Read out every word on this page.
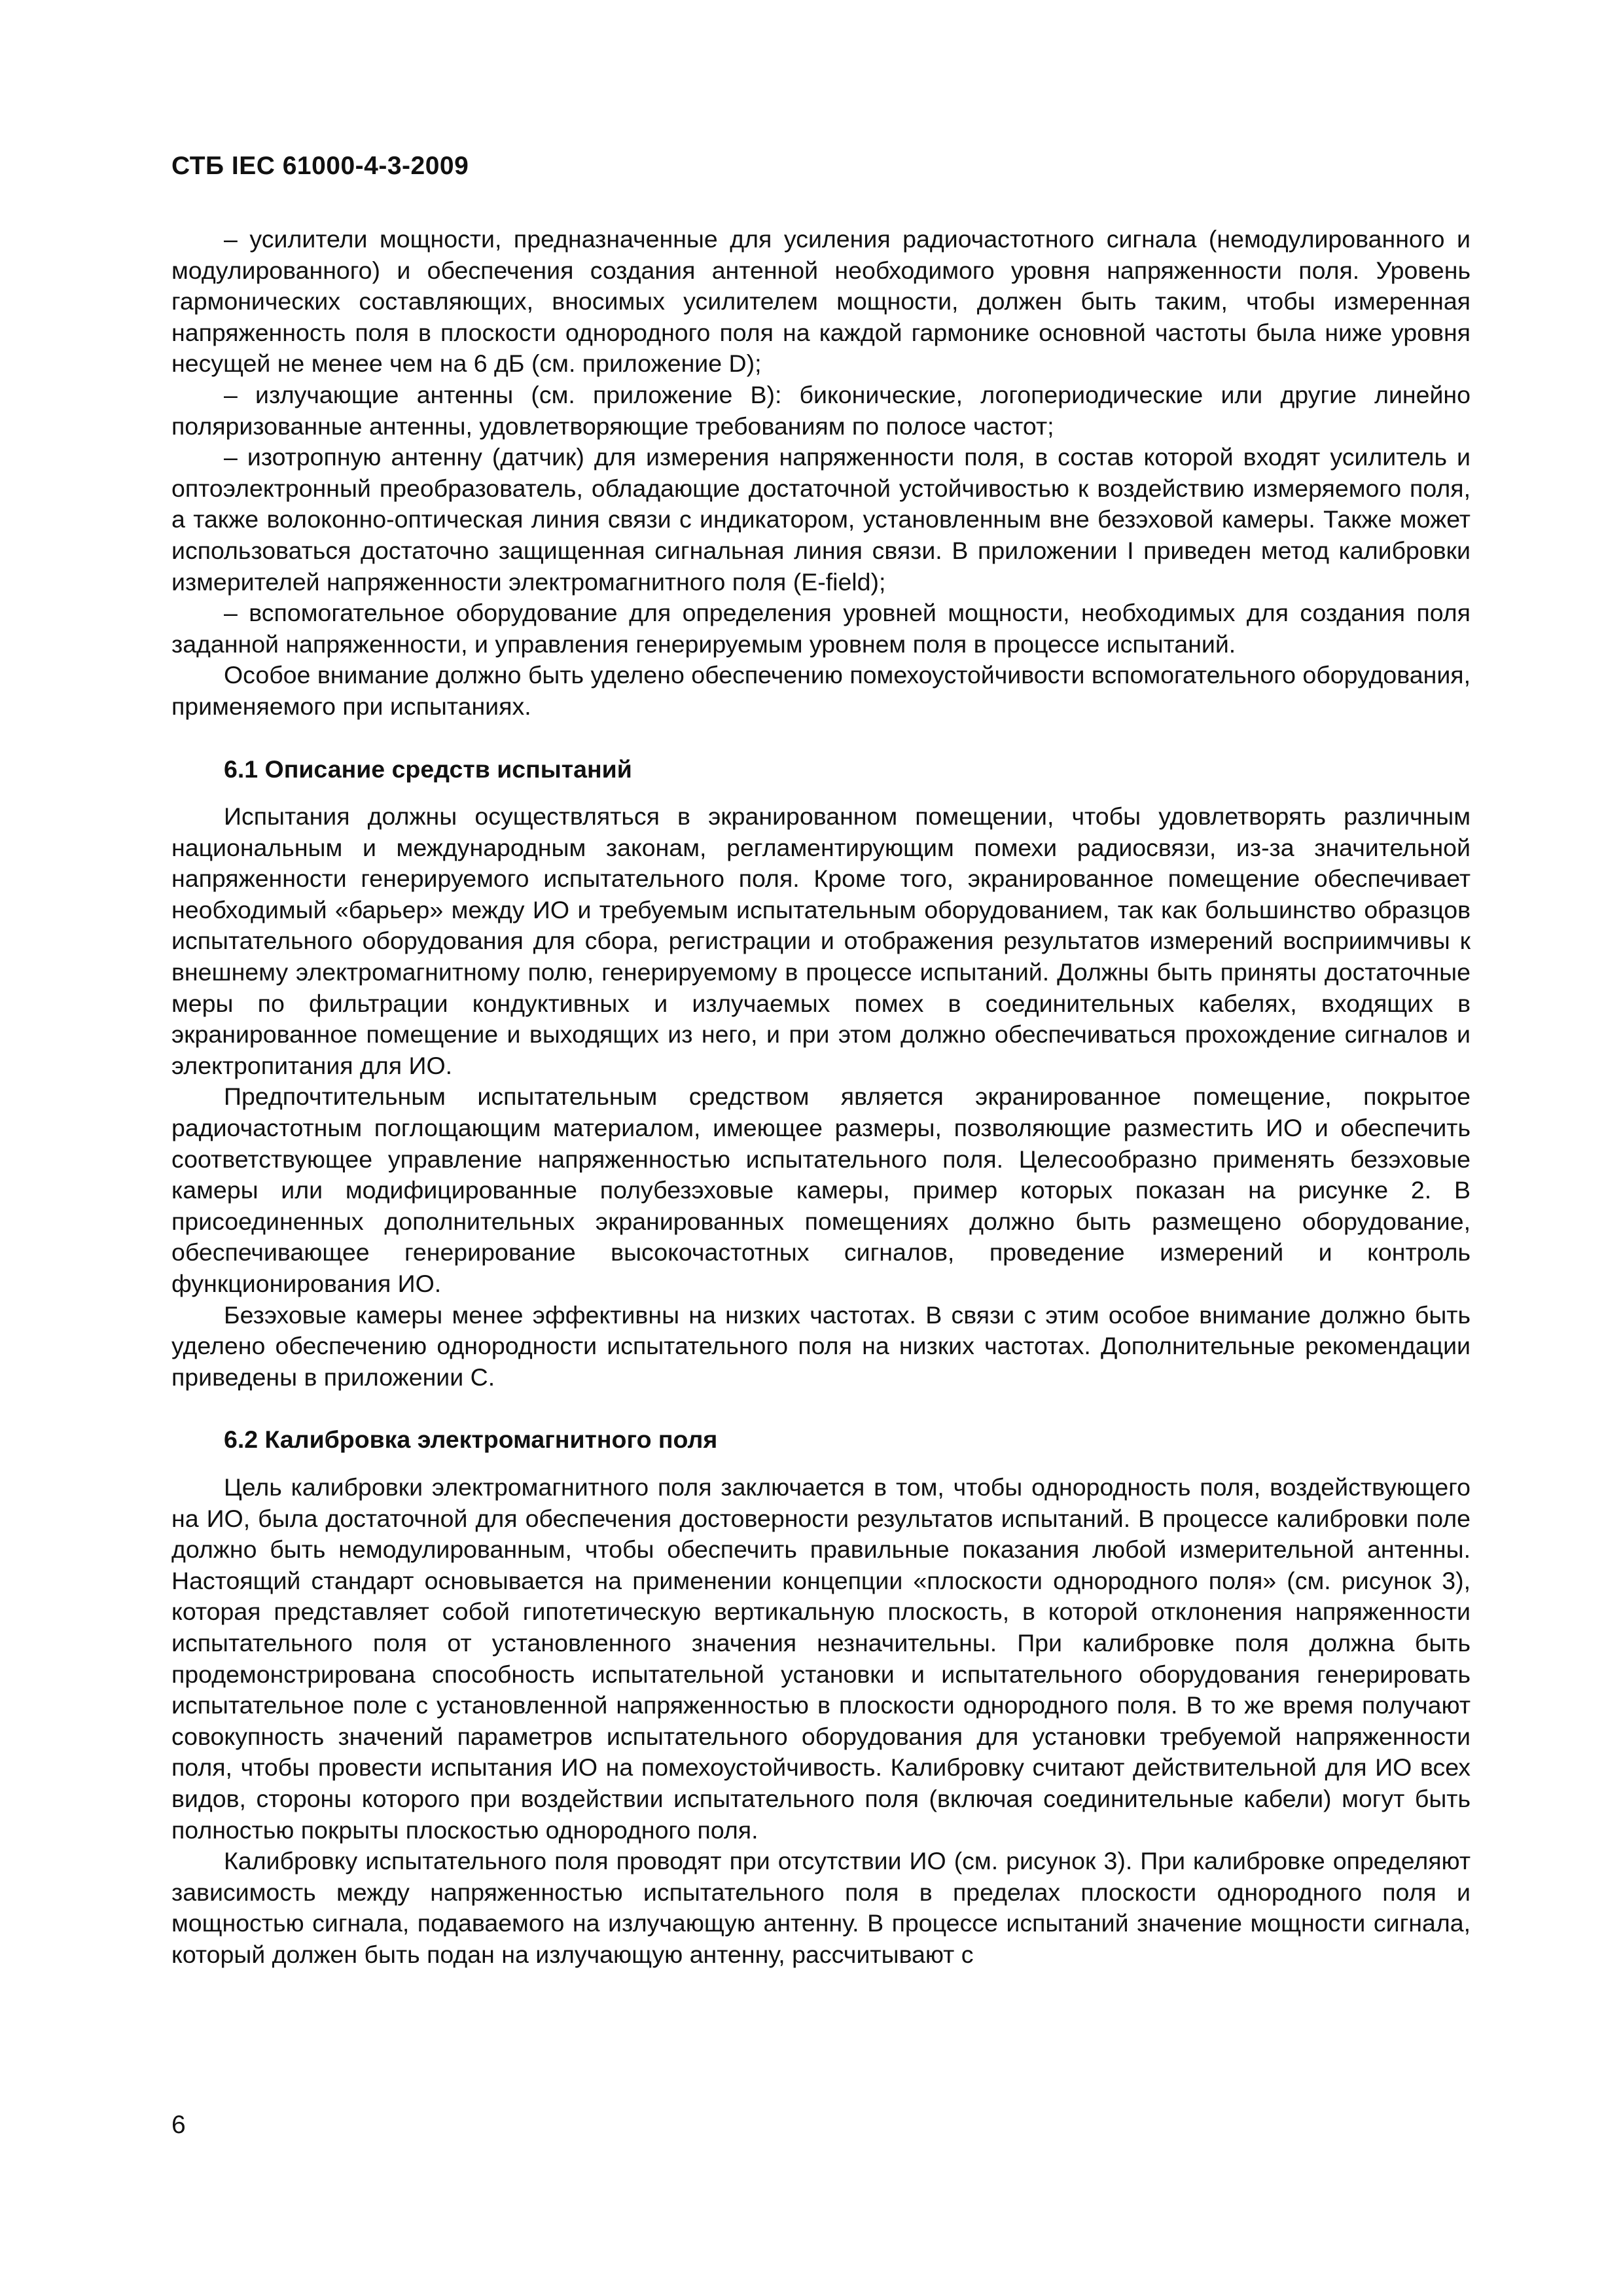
СТБ IEC 61000-4-3-2009

– усилители мощности, предназначенные для усиления радиочастотного сигнала (немодулированного и модулированного) и обеспечения создания антенной необходимого уровня напряженности поля. Уровень гармонических составляющих, вносимых усилителем мощности, должен быть таким, чтобы измеренная напряженность поля в плоскости однородного поля на каждой гармонике основной частоты была ниже уровня несущей не менее чем на 6 дБ (см. приложение D);

– излучающие антенны (см. приложение В): биконические, логопериодические или другие линейно поляризованные антенны, удовлетворяющие требованиям по полосе частот;

– изотропную антенну (датчик) для измерения напряженности поля, в состав которой входят усилитель и оптоэлектронный преобразователь, обладающие достаточной устойчивостью к воздействию измеряемого поля, а также волоконно-оптическая линия связи с индикатором, установленным вне безэховой камеры. Также может использоваться достаточно защищенная сигнальная линия связи. В приложении I приведен метод калибровки измерителей напряженности электромагнитного поля (E-field);

– вспомогательное оборудование для определения уровней мощности, необходимых для создания поля заданной напряженности, и управления генерируемым уровнем поля в процессе испытаний.

Особое внимание должно быть уделено обеспечению помехоустойчивости вспомогательного оборудования, применяемого при испытаниях.

6.1 Описание средств испытаний

Испытания должны осуществляться в экранированном помещении, чтобы удовлетворять различным национальным и международным законам, регламентирующим помехи радиосвязи, из-за значительной напряженности генерируемого испытательного поля. Кроме того, экранированное помещение обеспечивает необходимый «барьер» между ИО и требуемым испытательным оборудованием, так как большинство образцов испытательного оборудования для сбора, регистрации и отображения результатов измерений восприимчивы к внешнему электромагнитному полю, генерируемому в процессе испытаний. Должны быть приняты достаточные меры по фильтрации кондуктивных и излучаемых помех в соединительных кабелях, входящих в экранированное помещение и выходящих из него, и при этом должно обеспечиваться прохождение сигналов и электропитания для ИО.

Предпочтительным испытательным средством является экранированное помещение, покрытое радиочастотным поглощающим материалом, имеющее размеры, позволяющие разместить ИО и обеспечить соответствующее управление напряженностью испытательного поля. Целесообразно применять безэховые камеры или модифицированные полубезэховые камеры, пример которых показан на рисунке 2. В присоединенных дополнительных экранированных помещениях должно быть размещено оборудование, обеспечивающее генерирование высокочастотных сигналов, проведение измерений и контроль функционирования ИО.

Безэховые камеры менее эффективны на низких частотах. В связи с этим особое внимание должно быть уделено обеспечению однородности испытательного поля на низких частотах. Дополнительные рекомендации приведены в приложении С.

6.2 Калибровка электромагнитного поля

Цель калибровки электромагнитного поля заключается в том, чтобы однородность поля, воздействующего на ИО, была достаточной для обеспечения достоверности результатов испытаний. В процессе калибровки поле должно быть немодулированным, чтобы обеспечить правильные показания любой измерительной антенны. Настоящий стандарт основывается на применении концепции «плоскости однородного поля» (см. рисунок 3), которая представляет собой гипотетическую вертикальную плоскость, в которой отклонения напряженности испытательного поля от установленного значения незначительны. При калибровке поля должна быть продемонстрирована способность испытательной установки и испытательного оборудования генерировать испытательное поле с установленной напряженностью в плоскости однородного поля. В то же время получают совокупность значений параметров испытательного оборудования для установки требуемой напряженности поля, чтобы провести испытания ИО на помехоустойчивость. Калибровку считают действительной для ИО всех видов, стороны которого при воздействии испытательного поля (включая соединительные кабели) могут быть полностью покрыты плоскостью однородного поля.

Калибровку испытательного поля проводят при отсутствии ИО (см. рисунок 3). При калибровке определяют зависимость между напряженностью испытательного поля в пределах плоскости однородного поля и мощностью сигнала, подаваемого на излучающую антенну. В процессе испытаний значение мощности сигнала, который должен быть подан на излучающую антенну, рассчитывают с

6
